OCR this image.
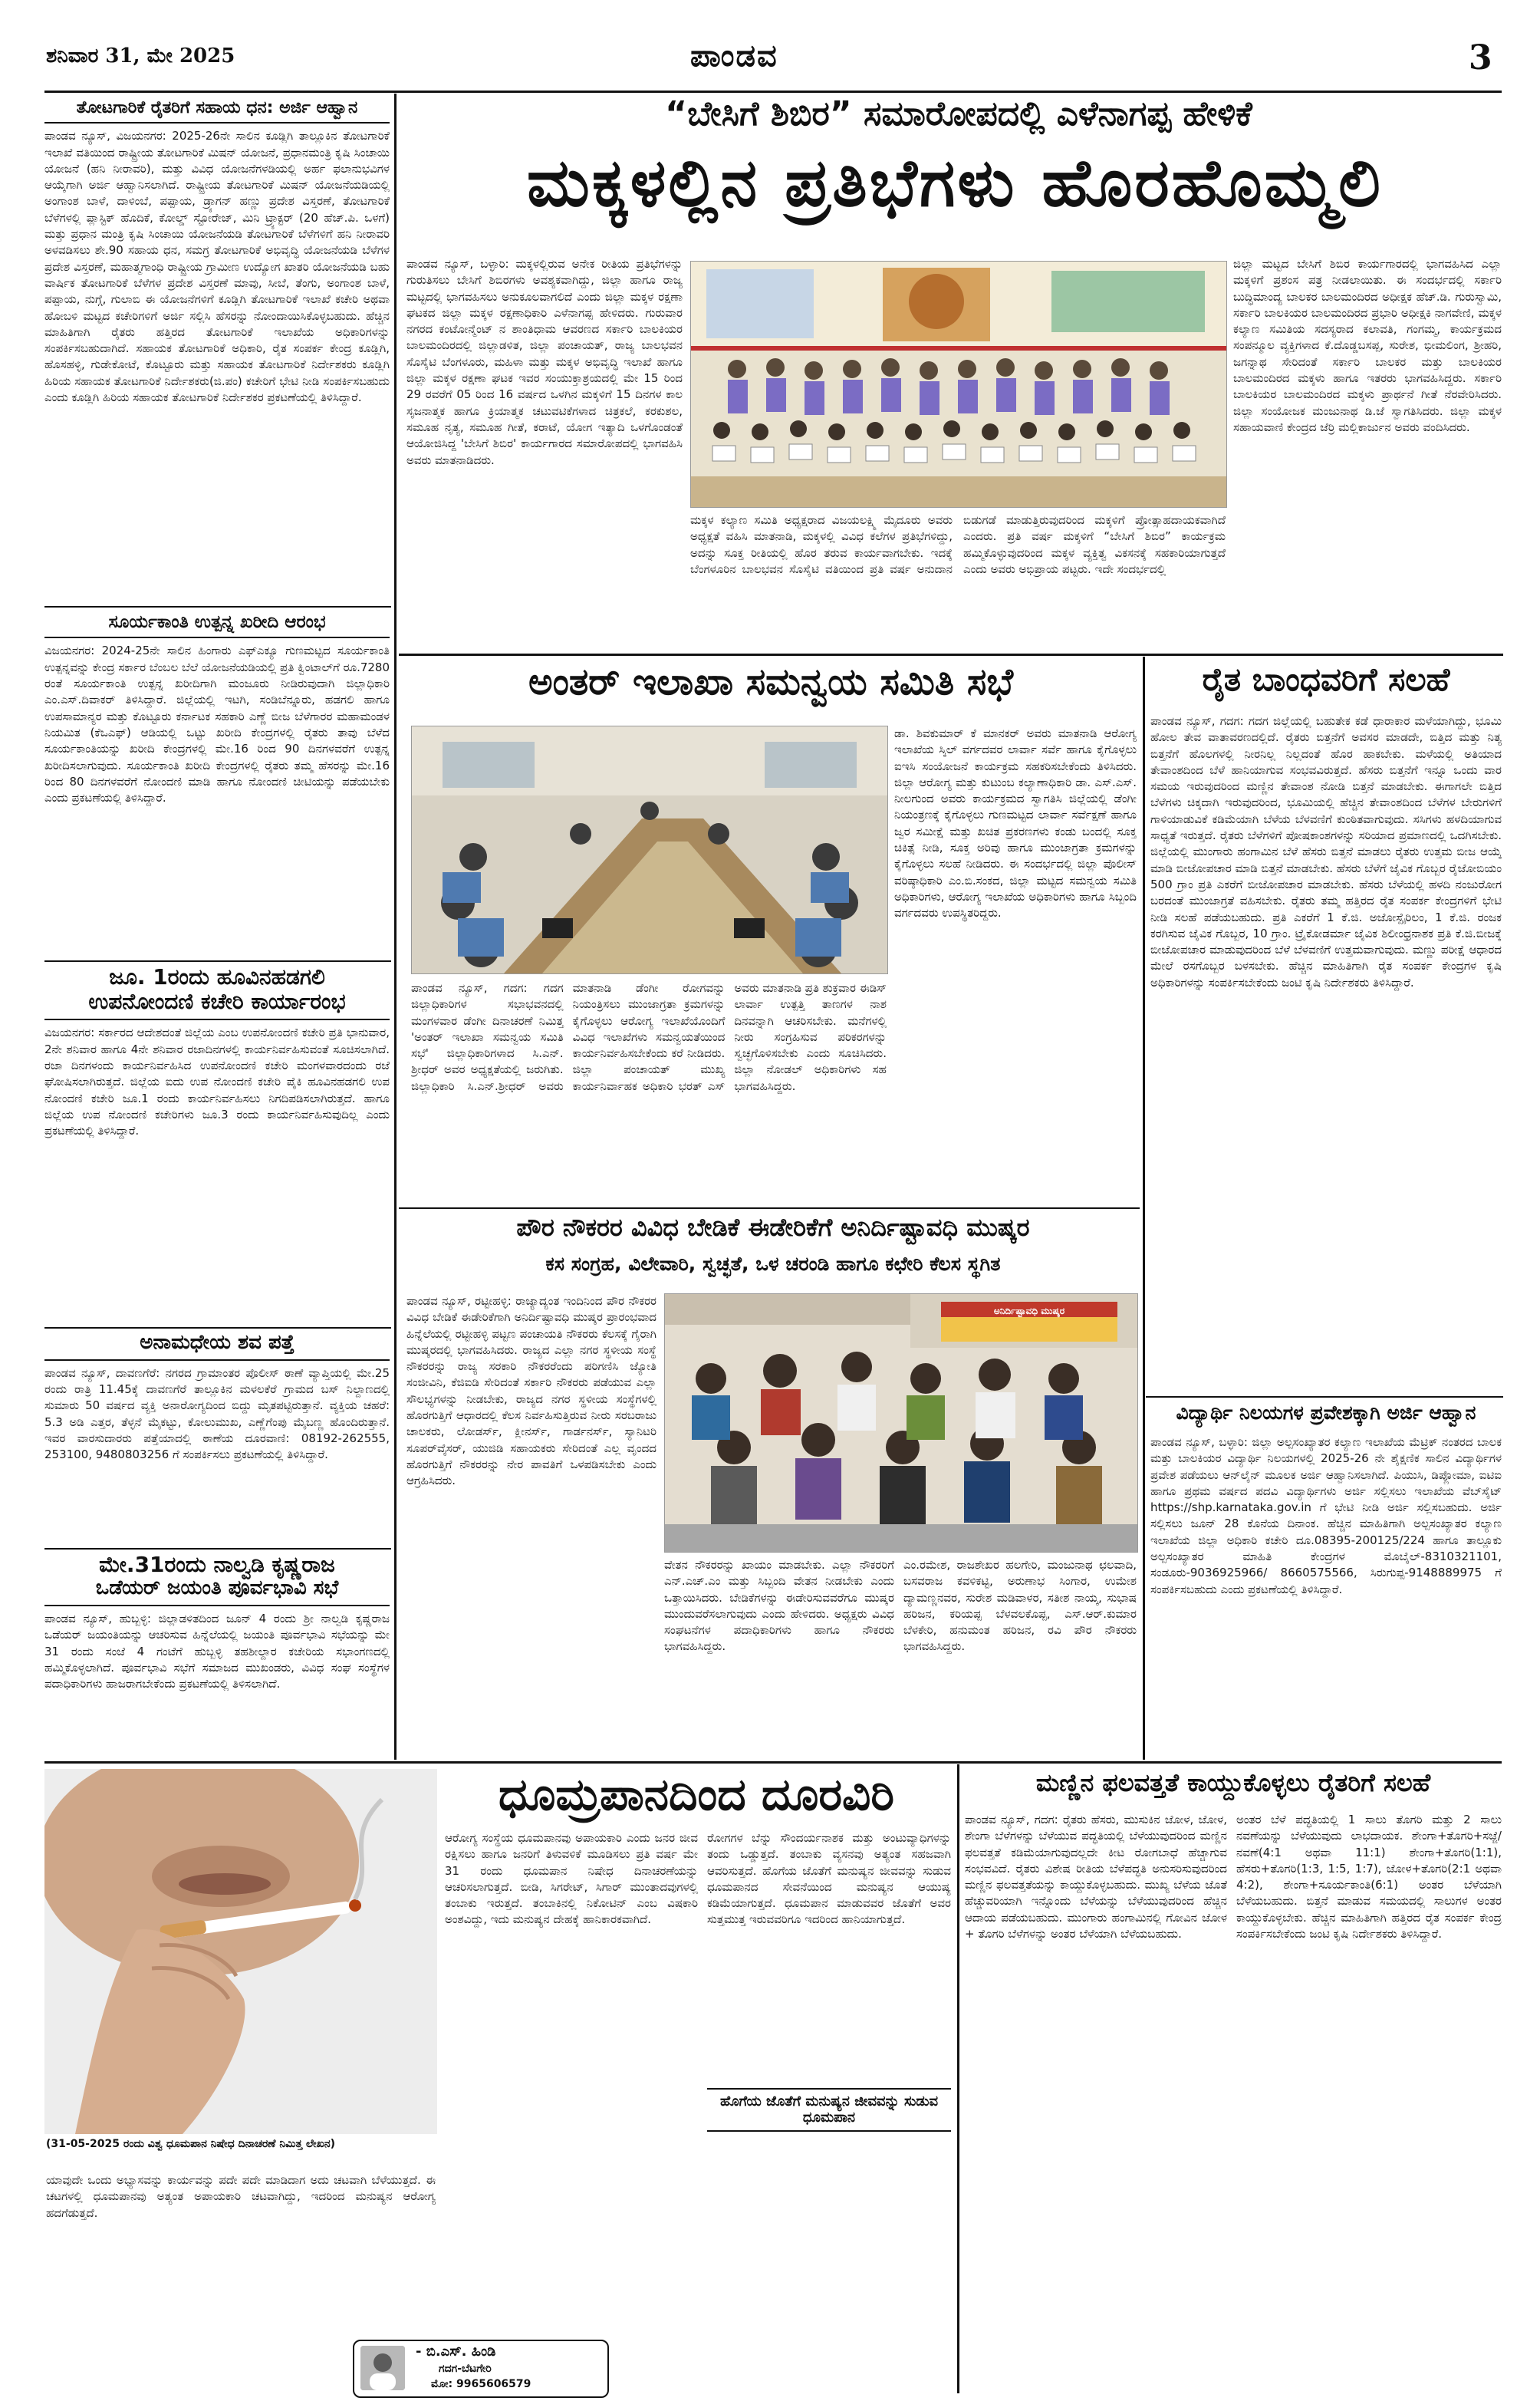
ಶನಿವಾರ 31, ಮೇ 2025	ಪಾಂಡವ	3
ತೋಟಗಾರಿಕೆ ರೈತರಿಗೆ ಸಹಾಯ ಧನ: ಅರ್ಜಿ ಆಹ್ವಾನ
ಪಾಂಡವ ನ್ಯೂಸ್, ವಿಜಯನಗರ: 2025-26ನೇ ಸಾಲಿನ ಕೂಡ್ಲಿಗಿ ತಾಲ್ಲೂಕಿನ ತೋಟಗಾರಿಕೆ ಇಲಾಖೆ ವತಿಯಿಂದ ರಾಷ್ಟ್ರೀಯ ತೋಟಗಾರಿಕೆ ಮಿಷನ್ ಯೋಜನೆ, ಪ್ರಧಾನಮಂತ್ರಿ ಕೃಷಿ ಸಿಂಚಾಯಿ ಯೋಜನೆ (ಹನಿ ನೀರಾವರಿ), ಮತ್ತು ವಿವಿಧ ಯೋಜನೆಗಳಡಿಯಲ್ಲಿ ಅರ್ಹ ಫಲಾನುಭವಿಗಳ ಆಯ್ಕೆಗಾಗಿ ಅರ್ಜಿ ಆಹ್ವಾನಿಸಲಾಗಿದೆ. ರಾಷ್ಟ್ರೀಯ ತೋಟಗಾರಿಕೆ ಮಿಷನ್ ಯೋಜನೆಯಡಿಯಲ್ಲಿ ಅಂಗಾಂಶ ಬಾಳೆ, ದಾಳಿಂಬೆ, ಪಪ್ಪಾಯ, ಡ್ರ್ಯಾಗನ್ ಹಣ್ಣು ಪ್ರದೇಶ ವಿಸ್ತರಣೆ, ತೋಟಗಾರಿಕೆ ಬೆಳೆಗಳಲ್ಲಿ ಪ್ಲಾಸ್ಟಿಕ್ ಹೊದಿಕೆ, ಕೋಲ್ಡ್ ಸ್ಟೋರೇಜ್, ಮಿನಿ ಟ್ರ್ಯಾಕ್ಟರ್ (20 ಹೆಚ್.ಪಿ. ಒಳಗೆ) ಮತ್ತು ಪ್ರಧಾನ ಮಂತ್ರಿ ಕೃಷಿ ಸಿಂಚಾಯಿ ಯೋಜನೆಯಡಿ ತೋಟಗಾರಿಕೆ ಬೆಳೆಗಳಿಗೆ ಹನಿ ನೀರಾವರಿ ಅಳವಡಿಸಲು ಶೇ.90 ಸಹಾಯ ಧನ, ಸಮಗ್ರ ತೋಟಗಾರಿಕೆ ಅಭಿವೃದ್ಧಿ ಯೋಜನೆಯಡಿ ಬೆಳೆಗಳ ಪ್ರದೇಶ ವಿಸ್ತರಣೆ, ಮಹಾತ್ಮಗಾಂಧಿ ರಾಷ್ಟ್ರೀಯ ಗ್ರಾಮೀಣ ಉದ್ಯೋಗ ಖಾತರಿ ಯೋಜನೆಯಡಿ ಬಹು ವಾರ್ಷಿಕ ತೋಟಗಾರಿಕೆ ಬೆಳೆಗಳ ಪ್ರದೇಶ ವಿಸ್ತರಣೆ ಮಾವು, ಸೀಬೆ, ತೆಂಗು, ಅಂಗಾಂಶ ಬಾಳೆ, ಪಪ್ಪಾಯ, ನುಗ್ಗೆ, ಗುಲಾಬಿ ಈ ಯೋಜನೆಗಳಿಗೆ ಕೂಡ್ಲಿಗಿ ತೋಟಗಾರಿಕೆ ಇಲಾಖೆ ಕಚೇರಿ ಅಥವಾ ಹೋಬಳಿ ಮಟ್ಟದ ಕಚೇರಿಗಳಿಗೆ ಅರ್ಜಿ ಸಲ್ಲಿಸಿ ಹೆಸರನ್ನು ನೋಂದಾಯಿಸಿಕೊಳ್ಳಬಹುದು. ಹೆಚ್ಚಿನ ಮಾಹಿತಿಗಾಗಿ ರೈತರು ಹತ್ತಿರದ ತೋಟಗಾರಿಕೆ ಇಲಾಖೆಯ ಅಧಿಕಾರಿಗಳನ್ನು ಸಂಪರ್ಕಿಸಬಹುದಾಗಿದೆ. ಸಹಾಯಕ ತೋಟಗಾರಿಕೆ ಅಧಿಕಾರಿ, ರೈತ ಸಂಪರ್ಕ ಕೇಂದ್ರ ಕೂಡ್ಲಿಗಿ, ಹೊಸಹಳ್ಳಿ, ಗುಡೇಕೋಟೆ, ಕೊಟ್ಟೂರು ಮತ್ತು ಸಹಾಯಕ ತೋಟಗಾರಿಕೆ ನಿರ್ದೇಶಕರು ಕೂಡ್ಲಿಗಿ ಹಿರಿಯ ಸಹಾಯಕ ತೋಟಗಾರಿಕೆ ನಿರ್ದೇಶಕರು(ಜಿ.ಪಂ) ಕಚೇರಿಗೆ ಭೇಟಿ ನೀಡಿ ಸಂಪರ್ಕಿಸಬಹುದು ಎಂದು ಕೂಡ್ಲಿಗಿ ಹಿರಿಯ ಸಹಾಯಕ ತೋಟಗಾರಿಕೆ ನಿರ್ದೇಶಕರ ಪ್ರಕಟಣೆಯಲ್ಲಿ ತಿಳಿಸಿದ್ದಾರೆ.
ಸೂರ್ಯಕಾಂತಿ ಉತ್ಪನ್ನ ಖರೀದಿ ಆರಂಭ
ವಿಜಯನಗರ: 2024-25ನೇ ಸಾಲಿನ ಹಿಂಗಾರು ಎಫ್‌ಎಕ್ಯೂ ಗುಣಮಟ್ಟದ ಸೂರ್ಯಕಾಂತಿ ಉತ್ಪನ್ನವನ್ನು ಕೇಂದ್ರ ಸರ್ಕಾರ ಬೆಂಬಲ ಬೆಲೆ ಯೋಜನೆಯಡಿಯಲ್ಲಿ ಪ್ರತಿ ಕ್ವಿಂಟಾಲ್‌ಗೆ ರೂ.7280 ರಂತೆ ಸೂರ್ಯಕಾಂತಿ ಉತ್ಪನ್ನ ಖರೀದಿಗಾಗಿ ಮಂಜೂರು ನೀಡಿರುವುದಾಗಿ ಜಿಲ್ಲಾಧಿಕಾರಿ ಎಂ.ಎಸ್.ದಿವಾಕರ್ ತಿಳಿಸಿದ್ದಾರೆ. ಜಿಲ್ಲೆಯಲ್ಲಿ ಇಟಗಿ, ಸಂಡಿಬೆನ್ನೂರು, ಹಡಗಲಿ ಹಾಗೂ ಉಪಸಾಮಾನ್ಯರ ಮತ್ತು ಕೊಟ್ಟೂರು ಕರ್ನಾಟಕ ಸಹಕಾರಿ ಎಣ್ಣೆ ಬೀಜ ಬೆಳೆಗಾರರ ಮಹಾಮಂಡಳ ನಿಯಮಿತ (ಕೆಒಎಫ್) ಆಡಿಯಲ್ಲಿ ಒಟ್ಟು ಖರೀದಿ ಕೇಂದ್ರಗಳಲ್ಲಿ ರೈತರು ತಾವು ಬೆಳೆದ ಸೂರ್ಯಕಾಂತಿಯನ್ನು ಖರೀದಿ ಕೇಂದ್ರಗಳಲ್ಲಿ ಮೇ.16 ರಿಂದ 90 ದಿನಗಳವರೆಗೆ ಉತ್ಪನ್ನ ಖರೀದಿಸಲಾಗುವುದು. ಸೂರ್ಯಕಾಂತಿ ಖರೀದಿ ಕೇಂದ್ರಗಳಲ್ಲಿ ರೈತರು ತಮ್ಮ ಹೆಸರನ್ನು ಮೇ.16 ರಿಂದ 80 ದಿನಗಳವರೆಗೆ ನೋಂದಣಿ ಮಾಡಿ ಹಾಗೂ ನೋಂದಣಿ ಚೀಟಿಯನ್ನು ಪಡೆಯಬೇಕು ಎಂದು ಪ್ರಕಟಣೆಯಲ್ಲಿ ತಿಳಿಸಿದ್ದಾರೆ.
ಜೂ. 1ರಂದು ಹೂವಿನಹಡಗಲಿ
ಉಪನೋಂದಣಿ ಕಚೇರಿ ಕಾರ್ಯಾರಂಭ
ವಿಜಯನಗರ: ಸರ್ಕಾರದ ಆದೇಶದಂತೆ ಜಿಲ್ಲೆಯ ಎಂಬ ಉಪನೋಂದಣಿ ಕಚೇರಿ ಪ್ರತಿ ಭಾನುವಾರ, 2ನೇ ಶನಿವಾರ ಹಾಗೂ 4ನೇ ಶನಿವಾರ ರಜಾದಿನಗಳಲ್ಲಿ ಕಾರ್ಯನಿರ್ವಹಿಸುವಂತೆ ಸೂಚಿಸಲಾಗಿದೆ. ರಜಾ ದಿನಗಳಂದು ಕಾರ್ಯನಿರ್ವಹಿಸಿದ ಉಪನೋಂದಣಿ ಕಚೇರಿ ಮಂಗಳವಾರದಂದು ರಜೆ ಘೋಷಿಸಲಾಗಿರುತ್ತದೆ. ಜಿಲ್ಲೆಯ ಐದು ಉಪ ನೋಂದಣಿ ಕಚೇರಿ ಪೈಕಿ ಹೂವಿನಹಡಗಲಿ ಉಪ ನೋಂದಣಿ ಕಚೇರಿ ಜೂ.1 ರಂದು ಕಾರ್ಯನಿರ್ವಹಿಸಲು ನಿಗದಿಪಡಿಸಲಾಗಿರುತ್ತದೆ. ಹಾಗೂ ಜಿಲ್ಲೆಯ ಉಪ ನೋಂದಣಿ ಕಚೇರಿಗಳು ಜೂ.3 ರಂದು ಕಾರ್ಯನಿರ್ವಹಿಸುವುದಿಲ್ಲ ಎಂದು ಪ್ರಕಟಣೆಯಲ್ಲಿ ತಿಳಿಸಿದ್ದಾರೆ.
ಅನಾಮಧೇಯ ಶವ ಪತ್ತೆ
ಪಾಂಡವ ನ್ಯೂಸ್, ದಾವಣಗೆರೆ: ನಗರದ ಗ್ರಾಮಾಂತರ ಪೊಲೀಸ್ ಠಾಣೆ ವ್ಯಾಪ್ತಿಯಲ್ಲಿ ಮೇ.25 ರಂದು ರಾತ್ರಿ 11.45ಕ್ಕೆ ದಾವಣಗೆರೆ ತಾಲ್ಲೂಕಿನ ಮಳಲಕೆರೆ ಗ್ರಾಮದ ಬಸ್ ನಿಲ್ದಾಣದಲ್ಲಿ ಸುಮಾರು 50 ವರ್ಷದ ವ್ಯಕ್ತಿ ಅನಾರೋಗ್ಯದಿಂದ ಬಿದ್ದು ಮೃತಪಟ್ಟಿರುತ್ತಾನೆ. ವ್ಯಕ್ತಿಯ ಚಹರೆ: 5.3 ಅಡಿ ಎತ್ತರ, ತೆಳ್ಳನೆ ಮೈಕಟ್ಟು, ಕೋಲುಮುಖ, ಎಣ್ಣೆಗೆಂಪು ಮೈಬಣ್ಣ ಹೊಂದಿರುತ್ತಾನೆ. ಇವರ ವಾರಸುದಾರರು ಪತ್ತೆಯಾದಲ್ಲಿ ಠಾಣೆಯ ದೂರವಾಣಿ: 08192-262555, 253100, 9480803256 ಗೆ ಸಂಪರ್ಕಿಸಲು ಪ್ರಕಟಣೆಯಲ್ಲಿ ತಿಳಿಸಿದ್ದಾರೆ.
ಮೇ.31ರಂದು ನಾಲ್ವಡಿ ಕೃಷ್ಣರಾಜ
ಒಡೆಯರ್ ಜಯಂತಿ ಪೂರ್ವಭಾವಿ ಸಭೆ
ಪಾಂಡವ ನ್ಯೂಸ್, ಹುಬ್ಬಳ್ಳಿ: ಜಿಲ್ಲಾಡಳಿತದಿಂದ ಜೂನ್ 4 ರಂದು ಶ್ರೀ ನಾಲ್ವಡಿ ಕೃಷ್ಣರಾಜ ಒಡೆಯರ್ ಜಯಂತಿಯನ್ನು ಆಚರಿಸುವ ಹಿನ್ನೆಲೆಯಲ್ಲಿ ಜಯಂತಿ ಪೂರ್ವಭಾವಿ ಸಭೆಯನ್ನು ಮೇ 31 ರಂದು ಸಂಜೆ 4 ಗಂಟೆಗೆ ಹುಬ್ಬಳ್ಳಿ ತಹಶೀಲ್ದಾರ ಕಚೇರಿಯ ಸಭಾಂಗಣದಲ್ಲಿ ಹಮ್ಮಿಕೊಳ್ಳಲಾಗಿದೆ. ಪೂರ್ವಭಾವಿ ಸಭೆಗೆ ಸಮಾಜದ ಮುಖಂಡರು, ವಿವಿಧ ಸಂಘ ಸಂಸ್ಥೆಗಳ ಪದಾಧಿಕಾರಿಗಳು ಹಾಜರಾಗಬೇಕೆಂದು ಪ್ರಕಟಣೆಯಲ್ಲಿ ತಿಳಿಸಲಾಗಿದೆ.
“ಬೇಸಿಗೆ ಶಿಬಿರ” ಸಮಾರೋಪದಲ್ಲಿ ಎಳೆನಾಗಪ್ಪ ಹೇಳಿಕೆ
ಮಕ್ಕಳಲ್ಲಿನ ಪ್ರತಿಭೆಗಳು ಹೊರಹೊಮ್ಮಲಿ
ಪಾಂಡವ ನ್ಯೂಸ್, ಬಳ್ಳಾರಿ: ಮಕ್ಕಳಲ್ಲಿರುವ ಅನೇಕ ರೀತಿಯ ಪ್ರತಿಭೆಗಳನ್ನು ಗುರುತಿಸಲು ಬೇಸಿಗೆ ಶಿಬಿರಗಳು ಅವಶ್ಯಕವಾಗಿದ್ದು, ಜಿಲ್ಲಾ ಹಾಗೂ ರಾಜ್ಯ ಮಟ್ಟದಲ್ಲಿ ಭಾಗವಹಿಸಲು ಅನುಕೂಲವಾಗಲಿದೆ ಎಂದು ಜಿಲ್ಲಾ ಮಕ್ಕಳ ರಕ್ಷಣಾ ಘಟಕದ ಜಿಲ್ಲಾ ಮಕ್ಕಳ ರಕ್ಷಣಾಧಿಕಾರಿ ಎಳೆನಾಗಪ್ಪ ಹೇಳಿದರು. ಗುರುವಾರ ನಗರದ ಕಂಟೋನ್ಮೆಂಟ್ ನ ಶಾಂತಿಧಾಮ ಆವರಣದ ಸರ್ಕಾರಿ ಬಾಲಕಿಯರ ಬಾಲಮಂದಿರದಲ್ಲಿ ಜಿಲ್ಲಾಡಳಿತ, ಜಿಲ್ಲಾ ಪಂಚಾಯತ್, ರಾಜ್ಯ ಬಾಲಭವನ ಸೊಸೈಟಿ ಬೆಂಗಳೂರು, ಮಹಿಳಾ ಮತ್ತು ಮಕ್ಕಳ ಅಭಿವೃದ್ಧಿ ಇಲಾಖೆ ಹಾಗೂ ಜಿಲ್ಲಾ ಮಕ್ಕಳ ರಕ್ಷಣಾ ಘಟಕ ಇವರ ಸಂಯುಕ್ತಾಶ್ರಯದಲ್ಲಿ ಮೇ 15 ರಿಂದ 29 ರವರೆಗೆ 05 ರಿಂದ 16 ವರ್ಷದ ಒಳಗಿನ ಮಕ್ಕಳಿಗೆ 15 ದಿನಗಳ ಕಾಲ ಸೃಜನಾತ್ಮಕ ಹಾಗೂ ಕ್ರಿಯಾತ್ಮಕ ಚಟುವಟಿಕೆಗಳಾದ ಚಿತ್ರಕಲೆ, ಕರಕುಶಲ, ಸಮೂಹ ನೃತ್ಯ, ಸಮೂಹ ಗೀತೆ, ಕರಾಟೆ, ಯೋಗ ಇತ್ಯಾದಿ ಒಳಗೊಂಡಂತೆ ಆಯೋಜಿಸಿದ್ದ 'ಬೇಸಿಗೆ ಶಿಬಿರ' ಕಾರ್ಯಗಾರದ ಸಮಾರೋಪದಲ್ಲಿ ಭಾಗವಹಿಸಿ ಅವರು ಮಾತನಾಡಿದರು.
ಮಕ್ಕಳ ಕಲ್ಯಾಣ ಸಮಿತಿ ಅಧ್ಯಕ್ಷರಾದ ವಿಜಯಲಕ್ಷ್ಮಿ ಮೈದೂರು ಅವರು ಅಧ್ಯಕ್ಷತೆ ವಹಿಸಿ ಮಾತನಾಡಿ, ಮಕ್ಕಳಲ್ಲಿ ವಿವಿಧ ಕಲೆಗಳ ಪ್ರತಿಭೆಗಳಿದ್ದು, ಅದನ್ನು ಸೂಕ್ತ ರೀತಿಯಲ್ಲಿ ಹೊರ ತರುವ ಕಾರ್ಯವಾಗಬೇಕು. ಇದಕ್ಕೆ ಬೆಂಗಳೂರಿನ ಬಾಲಭವನ ಸೊಸೈಟಿ ವತಿಯಿಂದ ಪ್ರತಿ ವರ್ಷ ಅನುದಾನ ಬಿಡುಗಡೆ ಮಾಡುತ್ತಿರುವುದರಿಂದ ಮಕ್ಕಳಿಗೆ ಪ್ರೋತ್ಸಾಹದಾಯಕವಾಗಿದೆ ಎಂದರು. ಪ್ರತಿ ವರ್ಷ ಮಕ್ಕಳಿಗೆ “ಬೇಸಿಗೆ ಶಿಬಿರ” ಕಾರ್ಯಕ್ರಮ ಹಮ್ಮಿಕೊಳ್ಳುವುದರಿಂದ ಮಕ್ಕಳ ವ್ಯಕ್ತಿತ್ವ ವಿಕಸನಕ್ಕೆ ಸಹಕಾರಿಯಾಗುತ್ತದೆ ಎಂದು ಅವರು ಅಭಿಪ್ರಾಯ ಪಟ್ಟರು. ಇದೇ ಸಂದರ್ಭದಲ್ಲಿ
ಜಿಲ್ಲಾ ಮಟ್ಟದ ಬೇಸಿಗೆ ಶಿಬಿರ ಕಾರ್ಯಗಾರದಲ್ಲಿ ಭಾಗವಹಿಸಿದ ಎಲ್ಲಾ ಮಕ್ಕಳಿಗೆ ಪ್ರಶಂಸ ಪತ್ರ ನೀಡಲಾಯಿತು. ಈ ಸಂದರ್ಭದಲ್ಲಿ ಸರ್ಕಾರಿ ಬುದ್ಧಿಮಾಂದ್ಯ ಬಾಲಕರ ಬಾಲಮಂದಿರದ ಅಧೀಕ್ಷಕ ಹೆಚ್.ಡಿ. ಗುರುಸ್ವಾಮಿ, ಸರ್ಕಾರಿ ಬಾಲಕಿಯರ ಬಾಲಮಂದಿರದ ಪ್ರಭಾರಿ ಅಧೀಕ್ಷಕಿ ನಾಗವೇಣಿ, ಮಕ್ಕಳ ಕಲ್ಯಾಣ ಸಮಿತಿಯ ಸದಸ್ಯರಾದ ಕಲಾವತಿ, ಗಂಗಮ್ಮ, ಕಾರ್ಯಕ್ರಮದ ಸಂಪನ್ಮೂಲ ವ್ಯಕ್ತಿಗಳಾದ ಕೆ.ದೊಡ್ಡಬಸಪ್ಪ, ಸುರೇಶ, ಭೀಮಲಿಂಗ, ಶ್ರೀಹರಿ, ಜಗನ್ನಾಥ ಸೇರಿದಂತೆ ಸರ್ಕಾರಿ ಬಾಲಕರ ಮತ್ತು ಬಾಲಕಿಯರ ಬಾಲಮಂದಿರದ ಮಕ್ಕಳು ಹಾಗೂ ಇತರರು ಭಾಗವಹಿಸಿದ್ದರು. ಸರ್ಕಾರಿ ಬಾಲಕಿಯರ ಬಾಲಮಂದಿರದ ಮಕ್ಕಳು ಪ್ರಾರ್ಥನೆ ಗೀತೆ ನೆರವೇರಿಸಿದರು. ಜಿಲ್ಲಾ ಸಂಯೋಜಕ ಮಂಜುನಾಥ ಡಿ.ಜೆ ಸ್ವಾಗತಿಸಿದರು. ಜಿಲ್ಲಾ ಮಕ್ಕಳ ಸಹಾಯವಾಣಿ ಕೇಂದ್ರದ ಜೆರ್ರಿ ಮಲ್ಲಿಕಾರ್ಜುನ ಅವರು ವಂದಿಸಿದರು.
ಅಂತರ್ ಇಲಾಖಾ ಸಮನ್ವಯ ಸಮಿತಿ ಸಭೆ
ಡಾ. ಶಿವಕುಮಾರ್ ಕೆ ಮಾನಕರ್ ಅವರು ಮಾತನಾಡಿ ಆರೋಗ್ಯ ಇಲಾಖೆಯ ಸ್ಕಿಲ್ ವರ್ಗದವರ ಲಾರ್ವಾ ಸರ್ವೆ ಹಾಗೂ ಕೈಗೊಳ್ಳಲು ಐಇಸಿ ಸಂಯೋಜನೆ ಕಾರ್ಯಕ್ರಮ ಸಹಕರಿಸಬೇಕೆಂದು ತಿಳಿಸಿದರು. ಜಿಲ್ಲಾ ಆರೋಗ್ಯ ಮತ್ತು ಕುಟುಂಬ ಕಲ್ಯಾಣಾಧಿಕಾರಿ ಡಾ. ಎಸ್.ಎಸ್. ನೀಲಗುಂದ ಅವರು ಕಾರ್ಯಕ್ರಮದ ಸ್ವಾಗತಿಸಿ ಜಿಲ್ಲೆಯಲ್ಲಿ ಡೆಂಗೀ ನಿಯಂತ್ರಣಕ್ಕೆ ಕೈಗೊಳ್ಳಲು ಗುಣಮಟ್ಟದ ಲಾರ್ವಾ ಸರ್ವೆಕ್ಷಣೆ ಹಾಗೂ ಜ್ವರ ಸಮೀಕ್ಷೆ ಮತ್ತು ಖಚಿತ ಪ್ರಕರಣಗಳು ಕಂಡು ಬಂದಲ್ಲಿ ಸೂಕ್ತ ಚಿಕಿತ್ಸೆ ನೀಡಿ, ಸೂಕ್ತ ಅರಿವು ಹಾಗೂ ಮುಂಜಾಗ್ರತಾ ಕ್ರಮಗಳನ್ನು ಕೈಗೊಳ್ಳಲು ಸಲಹೆ ನೀಡಿದರು. ಈ ಸಂದರ್ಭದಲ್ಲಿ ಜಿಲ್ಲಾ ಪೊಲೀಸ್ ವರಿಷ್ಠಾಧಿಕಾರಿ ಎಂ.ಬಿ.ಸಂಕದ, ಜಿಲ್ಲಾ ಮಟ್ಟದ ಸಮನ್ವಯ ಸಮಿತಿ ಅಧಿಕಾರಿಗಳು, ಆರೋಗ್ಯ ಇಲಾಖೆಯ ಅಧಿಕಾರಿಗಳು ಹಾಗೂ ಸಿಬ್ಬಂದಿ ವರ್ಗದವರು ಉಪಸ್ಥಿತರಿದ್ದರು.
ಪಾಂಡವ ನ್ಯೂಸ್, ಗದಗ: ಗದಗ ಜಿಲ್ಲಾಧಿಕಾರಿಗಳ ಸಭಾಭವನದಲ್ಲಿ ಮಂಗಳವಾರ ಡೆಂಗೀ ದಿನಾಚರಣೆ ನಿಮಿತ್ತ 'ಅಂತರ್ ಇಲಾಖಾ ಸಮನ್ವಯ ಸಮಿತಿ ಸಭೆ' ಜಿಲ್ಲಾಧಿಕಾರಿಗಳಾದ ಸಿ.ಎನ್. ಶ್ರೀಧರ್ ಅವರ ಅಧ್ಯಕ್ಷತೆಯಲ್ಲಿ ಜರುಗಿತು. ಜಿಲ್ಲಾಧಿಕಾರಿ ಸಿ.ಎನ್.ಶ್ರೀಧರ್ ಅವರು ಮಾತನಾಡಿ ಡೆಂಗೀ ರೋಗವನ್ನು ನಿಯಂತ್ರಿಸಲು ಮುಂಜಾಗ್ರತಾ ಕ್ರಮಗಳನ್ನು ಕೈಗೊಳ್ಳಲು ಆರೋಗ್ಯ ಇಲಾಖೆಯೊಂದಿಗೆ ವಿವಿಧ ಇಲಾಖೆಗಳು ಸಮನ್ವಯತೆಯಿಂದ ಕಾರ್ಯನಿರ್ವಹಿಸಬೇಕೆಂದು ಕರೆ ನೀಡಿದರು. ಜಿಲ್ಲಾ ಪಂಚಾಯತ್ ಮುಖ್ಯ ಕಾರ್ಯನಿರ್ವಾಹಕ ಅಧಿಕಾರಿ ಭರತ್ ಎಸ್ ಅವರು ಮಾತನಾಡಿ ಪ್ರತಿ ಶುಕ್ರವಾರ ಈಡಿಸ್ ಲಾರ್ವಾ ಉತ್ಪತ್ತಿ ತಾಣಗಳ ನಾಶ ದಿನವನ್ನಾಗಿ ಆಚರಿಸಬೇಕು. ಮನೆಗಳಲ್ಲಿ ನೀರು ಸಂಗ್ರಹಿಸುವ ಪರಿಕರಗಳನ್ನು ಸ್ವಚ್ಛಗೊಳಿಸಬೇಕು ಎಂದು ಸೂಚಿಸಿದರು. ಜಿಲ್ಲಾ ನೋಡಲ್ ಅಧಿಕಾರಿಗಳು ಸಹ ಭಾಗವಹಿಸಿದ್ದರು.
ರೈತ ಬಾಂಧವರಿಗೆ ಸಲಹೆ
ಪಾಂಡವ ನ್ಯೂಸ್, ಗದಗ: ಗದಗ ಜಿಲ್ಲೆಯಲ್ಲಿ ಬಹುತೇಕ ಕಡೆ ಧಾರಾಕಾರ ಮಳೆಯಾಗಿದ್ದು, ಭೂಮಿ ಹೋಲ ತೇವ ವಾತಾವರಣದಲ್ಲಿದೆ. ರೈತರು ಬಿತ್ತನೆಗೆ ಅವಸರ ಮಾಡದೇ, ಬಿತ್ತಿದ ಮತ್ತು ನಿತ್ಯ ಬಿತ್ತನೆಗೆ ಹೊಲಗಳಲ್ಲಿ ನೀರನಿಲ್ಲ ನಿಲ್ಲದಂತೆ ಹೊರ ಹಾಕಬೇಕು. ಮಳೆಯಲ್ಲಿ ಅತಿಯಾದ ತೇವಾಂಶದಿಂದ ಬೆಳೆ ಹಾನಿಯಾಗುವ ಸಂಭವವಿರುತ್ತದೆ. ಹೆಸರು ಬಿತ್ತನೆಗೆ ಇನ್ನೂ ಒಂದು ವಾರ ಸಮಯ ಇರುವುದರಿಂದ ಮಣ್ಣಿನ ತೇವಾಂಶ ನೋಡಿ ಬಿತ್ತನೆ ಮಾಡಬೇಕು. ಈಗಾಗಲೇ ಬಿತ್ತಿದ ಬೆಳೆಗಳು ಚಿಕ್ಕದಾಗಿ ಇರುವುದರಿಂದ, ಭೂಮಿಯಲ್ಲಿ ಹೆಚ್ಚಿನ ತೇವಾಂಶದಿಂದ ಬೆಳೆಗಳ ಬೇರುಗಳಿಗೆ ಗಾಳಿಯಾಡುವಿಕೆ ಕಡಿಮೆಯಾಗಿ ಬೆಳೆಯ ಬೆಳವಣಿಗೆ ಕುಂಠಿತವಾಗುವುದು. ಸಸಿಗಳು ಹಳದಿಯಾಗುವ ಸಾಧ್ಯತೆ ಇರುತ್ತದೆ. ರೈತರು ಬೆಳೆಗಳಿಗೆ ಪೋಷಕಾಂಶಗಳನ್ನು ಸರಿಯಾದ ಪ್ರಮಾಣದಲ್ಲಿ ಒದಗಿಸಬೇಕು. ಜಿಲ್ಲೆಯಲ್ಲಿ ಮುಂಗಾರು ಹಂಗಾಮಿನ ಬೆಳೆ ಹೆಸರು ಬಿತ್ತನೆ ಮಾಡಲು ರೈತರು ಉತ್ತಮ ಬೀಜ ಆಯ್ಕೆ ಮಾಡಿ ಬೀಜೋಪಚಾರ ಮಾಡಿ ಬಿತ್ತನೆ ಮಾಡಬೇಕು. ಹೆಸರು ಬೆಳೆಗೆ ಜೈವಿಕ ಗೊಬ್ಬರ ರೈಜೋಬಿಯಂ 500 ಗ್ರಾಂ ಪ್ರತಿ ಎಕರೆಗೆ ಬೀಜೋಪಚಾರ ಮಾಡಬೇಕು. ಹೆಸರು ಬೆಳೆಯಲ್ಲಿ ಹಳದಿ ನಂಜುರೋಗ ಬರದಂತೆ ಮುಂಜಾಗ್ರತೆ ವಹಿಸಬೇಕು. ರೈತರು ತಮ್ಮ ಹತ್ತಿರದ ರೈತ ಸಂಪರ್ಕ ಕೇಂದ್ರಗಳಿಗೆ ಭೇಟಿ ನೀಡಿ ಸಲಹೆ ಪಡೆಯಬಹುದು. ಪ್ರತಿ ಎಕರೆಗೆ 1 ಕೆ.ಜಿ. ಅಜೋಸ್ಪೈರಿಲಂ, 1 ಕೆ.ಜಿ. ರಂಜಕ ಕರಗಿಸುವ ಜೈವಿಕ ಗೊಬ್ಬರ, 10 ಗ್ರಾಂ. ಟ್ರೈಕೋಡರ್ಮಾ ಜೈವಿಕ ಶಿಲೀಂಧ್ರನಾಶಕ ಪ್ರತಿ ಕೆ.ಜಿ.ಬೀಜಕ್ಕೆ ಬೀಜೋಪಚಾರ ಮಾಡುವುದರಿಂದ ಬೆಳೆ ಬೆಳವಣಿಗೆ ಉತ್ತಮವಾಗುವುದು. ಮಣ್ಣು ಪರೀಕ್ಷೆ ಆಧಾರದ ಮೇಲೆ ರಸಗೊಬ್ಬರ ಬಳಸಬೇಕು. ಹೆಚ್ಚಿನ ಮಾಹಿತಿಗಾಗಿ ರೈತ ಸಂಪರ್ಕ ಕೇಂದ್ರಗಳ ಕೃಷಿ ಅಧಿಕಾರಿಗಳನ್ನು ಸಂಪರ್ಕಿಸಬೇಕೆಂದು ಜಂಟಿ ಕೃಷಿ ನಿರ್ದೇಶಕರು ತಿಳಿಸಿದ್ದಾರೆ.
ವಿದ್ಯಾರ್ಥಿ ನಿಲಯಗಳ ಪ್ರವೇಶಕ್ಕಾಗಿ ಅರ್ಜಿ ಆಹ್ವಾನ
ಪಾಂಡವ ನ್ಯೂಸ್, ಬಳ್ಳಾರಿ: ಜಿಲ್ಲಾ ಅಲ್ಪಸಂಖ್ಯಾತರ ಕಲ್ಯಾಣ ಇಲಾಖೆಯ ಮೆಟ್ರಿಕ್ ನಂತರದ ಬಾಲಕ ಮತ್ತು ಬಾಲಕಿಯರ ವಿದ್ಯಾರ್ಥಿ ನಿಲಯಗಳಲ್ಲಿ 2025-26 ನೇ ಶೈಕ್ಷಣಿಕ ಸಾಲಿನ ವಿದ್ಯಾರ್ಥಿಗಳ ಪ್ರವೇಶ ಪಡೆಯಲು ಆನ್‌ಲೈನ್ ಮೂಲಕ ಅರ್ಜಿ ಆಹ್ವಾನಿಸಲಾಗಿದೆ. ಪಿಯುಸಿ, ಡಿಪ್ಲೋಮಾ, ಐಟಿಐ ಹಾಗೂ ಪ್ರಥಮ ವರ್ಷದ ಪದವಿ ವಿದ್ಯಾರ್ಥಿಗಳು ಅರ್ಜಿ ಸಲ್ಲಿಸಲು ಇಲಾಖೆಯ ವೆಬ್‌ಸೈಟ್ https://shp.karnataka.gov.in ಗೆ ಭೇಟಿ ನೀಡಿ ಅರ್ಜಿ ಸಲ್ಲಿಸಬಹುದು. ಅರ್ಜಿ ಸಲ್ಲಿಸಲು ಜೂನ್ 28 ಕೊನೆಯ ದಿನಾಂಕ. ಹೆಚ್ಚಿನ ಮಾಹಿತಿಗಾಗಿ ಅಲ್ಪಸಂಖ್ಯಾತರ ಕಲ್ಯಾಣ ಇಲಾಖೆಯ ಜಿಲ್ಲಾ ಅಧಿಕಾರಿ ಕಚೇರಿ ದೂ.08395-200125/224 ಹಾಗೂ ತಾಲ್ಲೂಕು ಅಲ್ಪಸಂಖ್ಯಾತರ ಮಾಹಿತಿ ಕೇಂದ್ರಗಳ ಮೊಬೈಲ್-8310321101, ಸಂಡೂರು-9036925966/ 8660575566, ಸಿರುಗುಪ್ಪ-9148889975 ಗೆ ಸಂಪರ್ಕಿಸಬಹುದು ಎಂದು ಪ್ರಕಟಣೆಯಲ್ಲಿ ತಿಳಿಸಿದ್ದಾರೆ.
ಪೌರ ನೌಕರರ ವಿವಿಧ ಬೇಡಿಕೆ ಈಡೇರಿಕೆಗೆ ಅನಿರ್ದಿಷ್ಟಾವಧಿ ಮುಷ್ಕರ
ಕಸ ಸಂಗ್ರಹ, ವಿಲೇವಾರಿ, ಸ್ವಚ್ಛತೆ, ಒಳ ಚರಂಡಿ ಹಾಗೂ ಕಛೇರಿ ಕೆಲಸ ಸ್ಥಗಿತ
ಪಾಂಡವ ನ್ಯೂಸ್, ರಟ್ಟೀಹಳ್ಳಿ: ರಾಜ್ಯಾದ್ಯಂತ ಇಂದಿನಿಂದ ಪೌರ ನೌಕರರ ವಿವಿಧ ಬೇಡಿಕೆ ಈಡೇರಿಕೆಗಾಗಿ ಅನಿರ್ದಿಷ್ಟಾವಧಿ ಮುಷ್ಕರ ಪ್ರಾರಂಭವಾದ ಹಿನ್ನೆಲೆಯಲ್ಲಿ ರಟ್ಟೀಹಳ್ಳಿ ಪಟ್ಟಣ ಪಂಚಾಯತಿ ನೌಕರರು ಕೆಲಸಕ್ಕೆ ಗೈರಾಗಿ ಮುಷ್ಕರದಲ್ಲಿ ಭಾಗವಹಿಸಿದರು. ರಾಜ್ಯದ ಎಲ್ಲಾ ನಗರ ಸ್ಥಳೀಯ ಸಂಸ್ಥೆ ನೌಕರರನ್ನು ರಾಜ್ಯ ಸರಕಾರಿ ನೌಕರರೆಂದು ಪರಿಗಣಿಸಿ ಜ್ಯೋತಿ ಸಂಜೀವಿನಿ, ಕೆಜಿಐಡಿ ಸೇರಿದಂತೆ ಸರ್ಕಾರಿ ನೌಕರರು ಪಡೆಯುವ ಎಲ್ಲಾ ಸೌಲಭ್ಯಗಳನ್ನು ನೀಡಬೇಕು, ರಾಜ್ಯದ ನಗರ ಸ್ಥಳೀಯ ಸಂಸ್ಥೆಗಳಲ್ಲಿ ಹೊರಗುತ್ತಿಗೆ ಆಧಾರದಲ್ಲಿ ಕೆಲಸ ನಿರ್ವಹಿಸುತ್ತಿರುವ ನೀರು ಸರಬರಾಜು ಚಾಲಕರು, ಲೋಡರ್ಸ್, ಕ್ಲೀನರ್ಸ್, ಗಾರ್ಡನರ್ಸ್, ಸ್ಯಾನಿಟರಿ ಸೂಪರ್‌ವೈಸರ್, ಯುಜಿಡಿ ಸಹಾಯಕರು ಸೇರಿದಂತೆ ಎಲ್ಲ ವೃಂದದ ಹೊರಗುತ್ತಿಗೆ ನೌಕರರನ್ನು ನೇರ ಪಾವತಿಗೆ ಒಳಪಡಿಸಬೇಕು ಎಂದು ಆಗ್ರಹಿಸಿದರು.
ಅನಿರ್ದಿಷ್ಟಾವಧಿ ಮುಷ್ಕರ
ವೇತನ ನೌಕರರನ್ನು ಖಾಯಂ ಮಾಡಬೇಕು. ಎಲ್ಲಾ ನೌಕರರಿಗೆ ಎನ್.ಎಚ್.ಎಂ ಮತ್ತು ಸಿಬ್ಬಂದಿ ವೇತನ ನೀಡಬೇಕು ಎಂದು ಒತ್ತಾಯಿಸಿದರು. ಬೇಡಿಕೆಗಳನ್ನು ಈಡೇರಿಸುವವರೆಗೂ ಮುಷ್ಕರ ಮುಂದುವರೆಸಲಾಗುವುದು ಎಂದು ಹೇಳಿದರು. ಅಧ್ಯಕ್ಷರು ವಿವಿಧ ಸಂಘಟನೆಗಳ ಪದಾಧಿಕಾರಿಗಳು ಹಾಗೂ ನೌಕರರು ಭಾಗವಹಿಸಿದ್ದರು.
ಎಂ.ರಮೇಶ, ರಾಜಶೇಖರ ಹಲಗೇರಿ, ಮಂಜುನಾಥ ಛಲವಾದಿ, ಬಸವರಾಜ ಕವಳಿಕಟ್ಟಿ, ಅರುಣಾಭ ಸಿಂಗಾರ, ಉಮೇಶ ದ್ಯಾಮಣ್ಣನವರ, ಸುರೇಶ ಮಡಿವಾಳರ, ಸತೀಶ ನಾಯ್ಕ, ಸುಭಾಷ ಹರಿಜನ, ಕರಿಯಪ್ಪ ಬೆಳವಲಕೊಪ್ಪ, ಎಸ್.ಆರ್.ಕುಮಾರ ಬೆಳಕೇರಿ, ಹನುಮಂತ ಹರಿಜನ, ರವಿ ಪೌರ ನೌಕರರು ಭಾಗವಹಿಸಿದ್ದರು.
(31-05-2025 ರಂದು ವಿಶ್ವ ಧೂಮಪಾನ ನಿಷೇಧ ದಿನಾಚರಣೆ ನಿಮಿತ್ತ ಲೇಖನ)
ಯಾವುದೇ ಒಂದು ಅಭ್ಯಾಸವನ್ನು ಕಾರ್ಯವನ್ನು ಪದೇ ಪದೇ ಮಾಡಿದಾಗ ಅದು ಚಟವಾಗಿ ಬೆಳೆಯುತ್ತದೆ. ಈ ಚಟಗಳಲ್ಲಿ ಧೂಮಪಾನವು ಅತ್ಯಂತ ಅಪಾಯಕಾರಿ ಚಟವಾಗಿದ್ದು, ಇದರಿಂದ ಮನುಷ್ಯನ ಆರೋಗ್ಯ ಹದಗೆಡುತ್ತದೆ.
ಧೂಮ್ರಪಾನದಿಂದ ದೂರವಿರಿ
ಆರೋಗ್ಯ ಸಂಸ್ಥೆಯ ಧೂಮಪಾನವು ಅಪಾಯಕಾರಿ ಎಂದು ಜನರ ಜೀವ ರಕ್ಷಿಸಲು ಹಾಗೂ ಜನರಿಗೆ ತಿಳುವಳಿಕೆ ಮೂಡಿಸಲು ಪ್ರತಿ ವರ್ಷ ಮೇ 31 ರಂದು ಧೂಮಪಾನ ನಿಷೇಧ ದಿನಾಚರಣೆಯನ್ನು ಆಚರಿಸಲಾಗುತ್ತದೆ. ಬೀಡಿ, ಸಿಗರೇಟ್, ಸಿಗಾರ್ ಮುಂತಾದವುಗಳಲ್ಲಿ ತಂಬಾಕು ಇರುತ್ತದೆ. ತಂಬಾಕಿನಲ್ಲಿ ನಿಕೋಟಿನ್ ಎಂಬ ವಿಷಕಾರಿ ಅಂಶವಿದ್ದು, ಇದು ಮನುಷ್ಯನ ದೇಹಕ್ಕೆ ಹಾನಿಕಾರಕವಾಗಿದೆ.
ರೋಗಗಳ ಬೆನ್ನು ಸೌಂದರ್ಯನಾಶಕ ಮತ್ತು ಅಂಟುವ್ಯಾಧಿಗಳನ್ನು ತಂದು ಒಡ್ಡುತ್ತದೆ. ತಂಬಾಕು ವ್ಯಸನವು ಅತ್ಯಂತ ಸಹಜವಾಗಿ ಆವರಿಸುತ್ತದೆ. ಹೊಗೆಯ ಜೊತೆಗೆ ಮನುಷ್ಯನ ಜೀವವನ್ನು ಸುಡುವ ಧೂಮಪಾನದ ಸೇವನೆಯಿಂದ ಮನುಷ್ಯನ ಆಯುಷ್ಯ ಕಡಿಮೆಯಾಗುತ್ತದೆ. ಧೂಮಪಾನ ಮಾಡುವವರ ಜೊತೆಗೆ ಅವರ ಸುತ್ತಮುತ್ತ ಇರುವವರಿಗೂ ಇದರಿಂದ ಹಾನಿಯಾಗುತ್ತದೆ.
ಹೊಗೆಯ ಜೊತೆಗೆ ಮನುಷ್ಯನ ಜೀವವನ್ನು ಸುಡುವ ಧೂಮಪಾನ
- ಬಿ.ಎಸ್. ಹಿಂಡಿ
ಗದಗ-ಬೆಟಗೇರಿ
ಮೋ: 9965606579
ಮಣ್ಣಿನ ಫಲವತ್ತತೆ ಕಾಯ್ದುಕೊಳ್ಳಲು ರೈತರಿಗೆ ಸಲಹೆ
ಪಾಂಡವ ನ್ಯೂಸ್, ಗದಗ: ರೈತರು ಹೆಸರು, ಮುಸುಕಿನ ಜೋಳ, ಜೋಳ, ಶೇಂಗಾ ಬೆಳೆಗಳನ್ನು ಬೆಳೆಯುವ ಪದ್ಧತಿಯಲ್ಲಿ ಬೆಳೆಯುವುದರಿಂದ ಮಣ್ಣಿನ ಫಲವತ್ತತೆ ಕಡಿಮೆಯಾಗುವುದಲ್ಲದೇ ಕೀಟ ರೋಗಬಾಧೆ ಹೆಚ್ಚಾಗುವ ಸಂಭವವಿದೆ. ರೈತರು ವಿಶೇಷ ರೀತಿಯ ಬೆಳೆಪದ್ಧತಿ ಅನುಸರಿಸುವುದರಿಂದ ಮಣ್ಣಿನ ಫಲವತ್ತತೆಯನ್ನು ಕಾಯ್ದುಕೊಳ್ಳಬಹುದು. ಮುಖ್ಯ ಬೆಳೆಯ ಜೊತೆ ಹೆಚ್ಚುವರಿಯಾಗಿ ಇನ್ನೊಂದು ಬೆಳೆಯನ್ನು ಬೆಳೆಯುವುದರಿಂದ ಹೆಚ್ಚಿನ ಆದಾಯ ಪಡೆಯಬಹುದು. ಮುಂಗಾರು ಹಂಗಾಮಿನಲ್ಲಿ ಗೋವಿನ ಜೋಳ + ತೊಗರಿ ಬೆಳೆಗಳನ್ನು ಅಂತರ ಬೆಳೆಯಾಗಿ ಬೆಳೆಯಬಹುದು.
ಅಂತರ ಬೆಳೆ ಪದ್ಧತಿಯಲ್ಲಿ 1 ಸಾಲು ತೊಗರಿ ಮತ್ತು 2 ಸಾಲು ನವಣೆಯನ್ನು ಬೆಳೆಯುವುದು ಲಾಭದಾಯಕ. ಶೇಂಗಾ+ತೊಗರಿ+ಸಜ್ಜೆ/ನವಣೆ(4:1 ಅಥವಾ 11:1) ಶೇಂಗಾ+ತೊಗರಿ(1:1), ಹೆಸರು+ತೊಗರಿ(1:3, 1:5, 1:7), ಜೋಳ+ತೊಗರಿ(2:1 ಅಥವಾ 4:2), ಶೇಂಗಾ+ಸೂರ್ಯಕಾಂತಿ(6:1) ಅಂತರ ಬೆಳೆಯಾಗಿ ಬೆಳೆಯಬಹುದು. ಬಿತ್ತನೆ ಮಾಡುವ ಸಮಯದಲ್ಲಿ ಸಾಲುಗಳ ಅಂತರ ಕಾಯ್ದುಕೊಳ್ಳಬೇಕು. ಹೆಚ್ಚಿನ ಮಾಹಿತಿಗಾಗಿ ಹತ್ತಿರದ ರೈತ ಸಂಪರ್ಕ ಕೇಂದ್ರ ಸಂಪರ್ಕಿಸಬೇಕೆಂದು ಜಂಟಿ ಕೃಷಿ ನಿರ್ದೇಶಕರು ತಿಳಿಸಿದ್ದಾರೆ.
